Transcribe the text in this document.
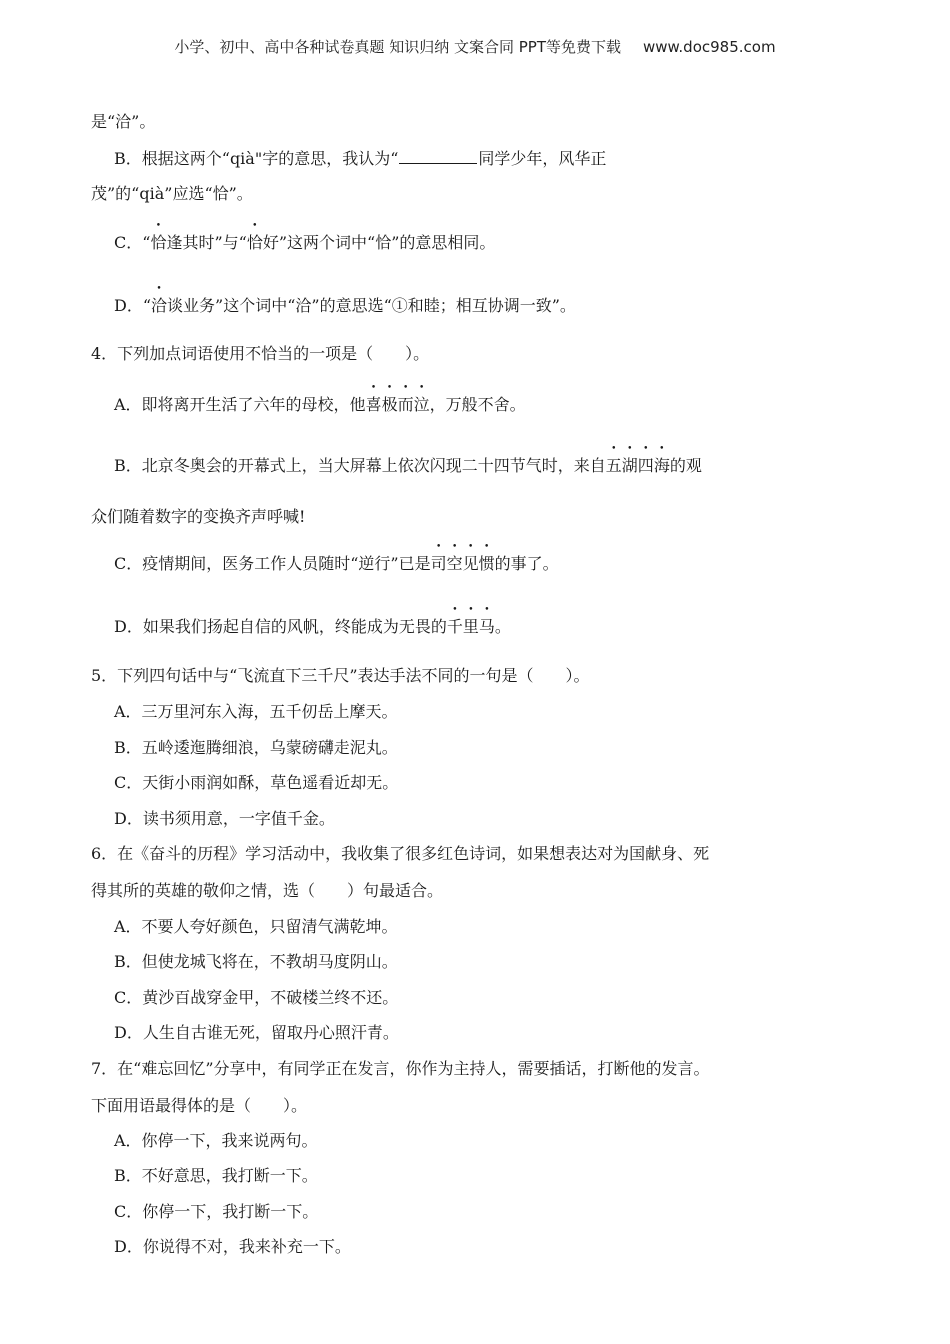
小学、初中、高中各种试卷真题 知识归纳 文案合同 PPT等免费下载 www.doc985.com
是“洽”。
B．根据这两个“qià"字的意思，我认为“	同学少年，风华正
茂”的“qià”应选“恰”。
C．“恰逢其时”与“恰好”这两个词中“恰”的意思相同。
D．“洽谈业务”这个词中“洽”的意思选“①和睦；相互协调一致”。
4．下列加点词语使用不恰当的一项是（　　）。
A．即将离开生活了六年的母校，他喜极而泣，万般不舍。
B．北京冬奥会的开幕式上，当大屏幕上依次闪现二十四节气时，来自五湖四海的观
众们随着数字的变换齐声呼喊!
C．疫情期间，医务工作人员随时“逆行”已是司空见惯的事了。
D．如果我们扬起自信的风帆，终能成为无畏的千里马。
5．下列四句话中与“飞流直下三千尺”表达手法不同的一句是（　　）。
A．三万里河东入海，五千仞岳上摩天。
B．五岭逶迤腾细浪，乌蒙磅礴走泥丸。
C．天街小雨润如酥，草色遥看近却无。
D．读书须用意，一字值千金。
6．在《奋斗的历程》学习活动中，我收集了很多红色诗词，如果想表达对为国献身、死
得其所的英雄的敬仰之情，选（　　）句最适合。
A．不要人夸好颜色，只留清气满乾坤。
B．但使龙城飞将在，不教胡马度阴山。
C．黄沙百战穿金甲，不破楼兰终不还。
D．人生自古谁无死，留取丹心照汗青。
7．在“难忘回忆”分享中，有同学正在发言，你作为主持人，需要插话，打断他的发言。
下面用语最得体的是（　　）。
A．你停一下，我来说两句。
B．不好意思，我打断一下。
C．你停一下，我打断一下。
D．你说得不对，我来补充一下。
